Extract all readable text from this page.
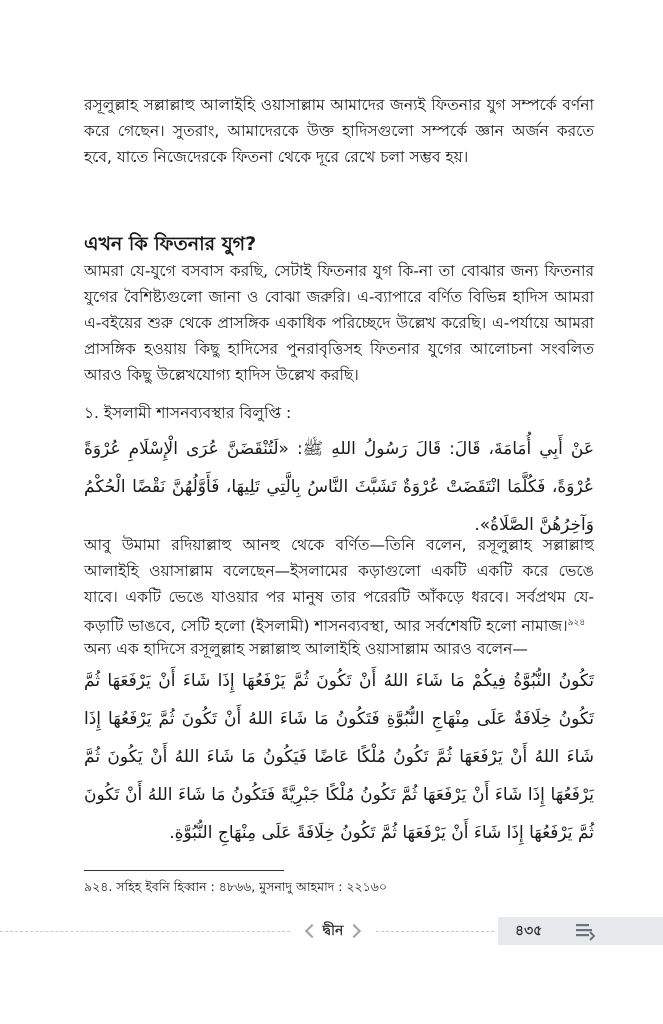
রসূলুল্লাহ সল্লাল্লাহু আলাইহি ওয়াসাল্লাম আমাদের জন্যই ফিতনার যুগ সম্পর্কে বর্ণনা করে গেছেন। সুতরাং, আমাদেরকে উক্ত হাদিসগুলো সম্পর্কে জ্ঞান অর্জন করতে হবে, যাতে নিজেদেরকে ফিতনা থেকে দূরে রেখে চলা সম্ভব হয়।

এখন কি ফিতনার যুগ?

আমরা যে-যুগে বসবাস করছি, সেটাই ফিতনার যুগ কি-না তা বোঝার জন্য ফিতনার যুগের বৈশিষ্ট্যগুলো জানা ও বোঝা জরুরি। এ-ব্যাপারে বর্ণিত বিভিন্ন হাদিস আমরা এ-বইয়ের শুরু থেকে প্রাসঙ্গিক একাধিক পরিচ্ছেদে উল্লেখ করেছি। এ-পর্যায়ে আমরা প্রাসঙ্গিক হওয়ায় কিছু হাদিসের পুনরাবৃত্তিসহ ফিতনার যুগের আলোচনা সংবলিত আরও কিছু উল্লেখযোগ্য হাদিস উল্লেখ করছি।

১. ইসলামী শাসনব্যবস্থার বিলুপ্তি :

عَنْ أَبِي أُمَامَةَ، قَالَ: قَالَ رَسُولُ اللهِ ﷺ: «لَتُنْقَضَنَّ عُرَى الْإِسْلَامِ عُرْوَةً عُرْوَةً، فَكُلَّمَا انْتَقَضَتْ عُرْوَةٌ تَشَبَّثَ النَّاسُ بِالَّتِي تَلِيهَا، فَأَوَّلُهُنَّ نَقْضًا الْحُكْمُ وَآخِرُهُنَّ الصَّلَاةُ».

আবু উমামা রদিয়াল্লাহু আনহু থেকে বর্ণিত—তিনি বলেন, রসূলুল্লাহ সল্লাল্লাহু আলাইহি ওয়াসাল্লাম বলেছেন—ইসলামের কড়াগুলো একটি একটি করে ভেঙে যাবে। একটি ভেঙে যাওয়ার পর মানুষ তার পরেরটি আঁকড়ে ধরবে। সর্বপ্রথম যে-কড়াটি ভাঙবে, সেটি হলো (ইসলামী) শাসনব্যবস্থা, আর সর্বশেষটি হলো নামাজ।$^{৯২৪}$

অন্য এক হাদিসে রসূলুল্লাহ সল্লাল্লাহু আলাইহি ওয়াসাল্লাম আরও বলেন—

تَكُونُ النُّبُوَّةُ فِيكُمْ مَا شَاءَ اللهُ أَنْ تَكُونَ ثُمَّ يَرْفَعُهَا إِذَا شَاءَ أَنْ يَرْفَعَهَا ثُمَّ تَكُونُ خِلَافَةٌ عَلَى مِنْهَاجِ النُّبُوَّةِ فَتَكُونُ مَا شَاءَ اللهُ أَنْ تَكُونَ ثُمَّ يَرْفَعُهَا إِذَا شَاءَ اللهُ أَنْ يَرْفَعَهَا ثُمَّ تَكُونُ مُلْكًا عَاضًا فَيَكُونُ مَا شَاءَ اللهُ أَنْ يَكُونَ ثُمَّ يَرْفَعُهَا إِذَا شَاءَ أَنْ يَرْفَعَهَا ثُمَّ تَكُونُ مُلْكًا جَبْرِيَّةً فَتَكُونُ مَا شَاءَ اللهُ أَنْ تَكُونَ ثُمَّ يَرْفَعُهَا إِذَا شَاءَ أَنْ يَرْفَعَهَا ثُمَّ تَكُونُ خِلَافَةً عَلَى مِنْهَاجِ النُّبُوَّةِ.

৯২৪. সহিহ ইবনি হিব্বান : ৪৮৬৬, মুসনাদু আহমাদ : ২২১৬০

দ্বীন	৪৩৫
